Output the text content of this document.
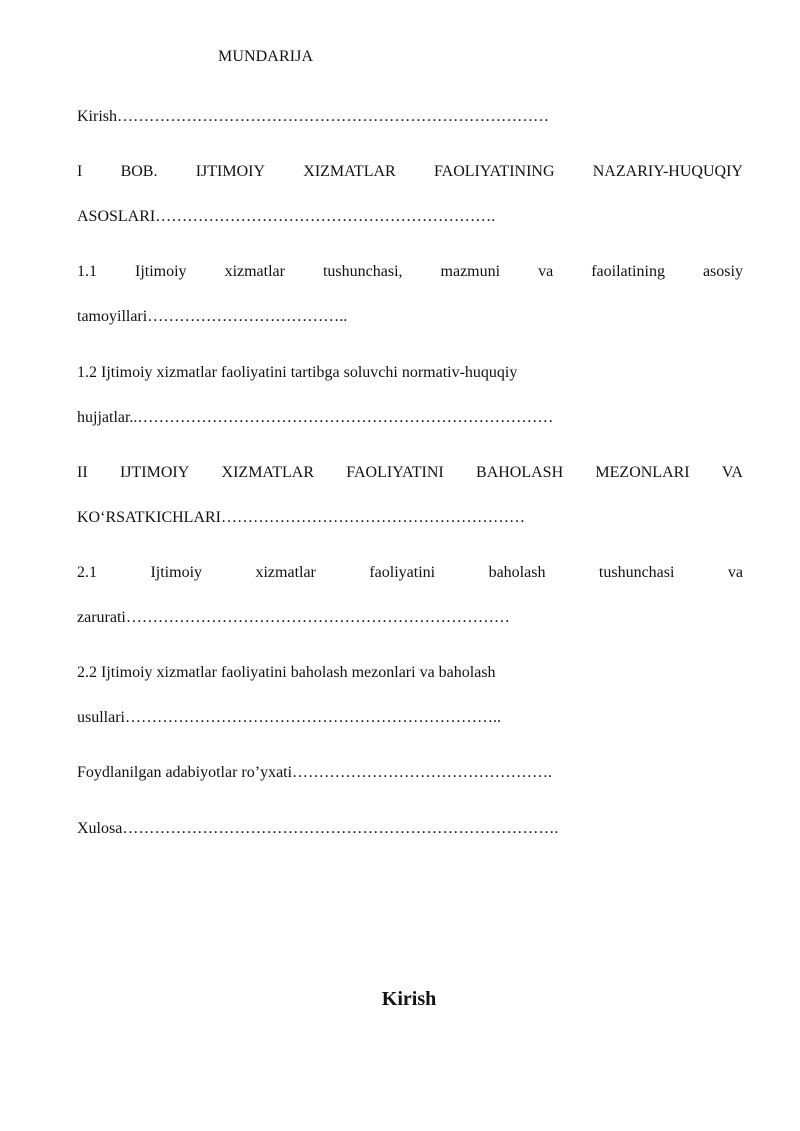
MUNDARIJA
Kirish………………………………………………………………………
I BOB. IJTIMOIY XIZMATLAR FAOLIYATINING NAZARIY-HUQUQIY
ASOSLARI……………………………………………………….
1.1 Ijtimoiy xizmatlar tushunchasi, mazmuni va faoilatining asosiy
tamoyillari………………………………..
1.2 Ijtimoiy xizmatlar faoliyatini tartibga soluvchi normativ-huquqiy
hujjatlar..……………………………………………………………………
II IJTIMOIY XIZMATLAR FAOLIYATINI BAHOLASH MEZONLARI VA
KO‘RSATKICHLARI…………………………………………………
2.1	Ijtimoiy	xizmatlar	faoliyatini	baholash	tushunchasi	va
zarurati………………………………………………………………
2.2 Ijtimoiy xizmatlar faoliyatini baholash mezonlari va baholash
usullari……………………………………………………………..
Foydlanilgan adabiyotlar ro’yxati………………………………………….
Xulosa……………………………………………………………………….
Kirish
